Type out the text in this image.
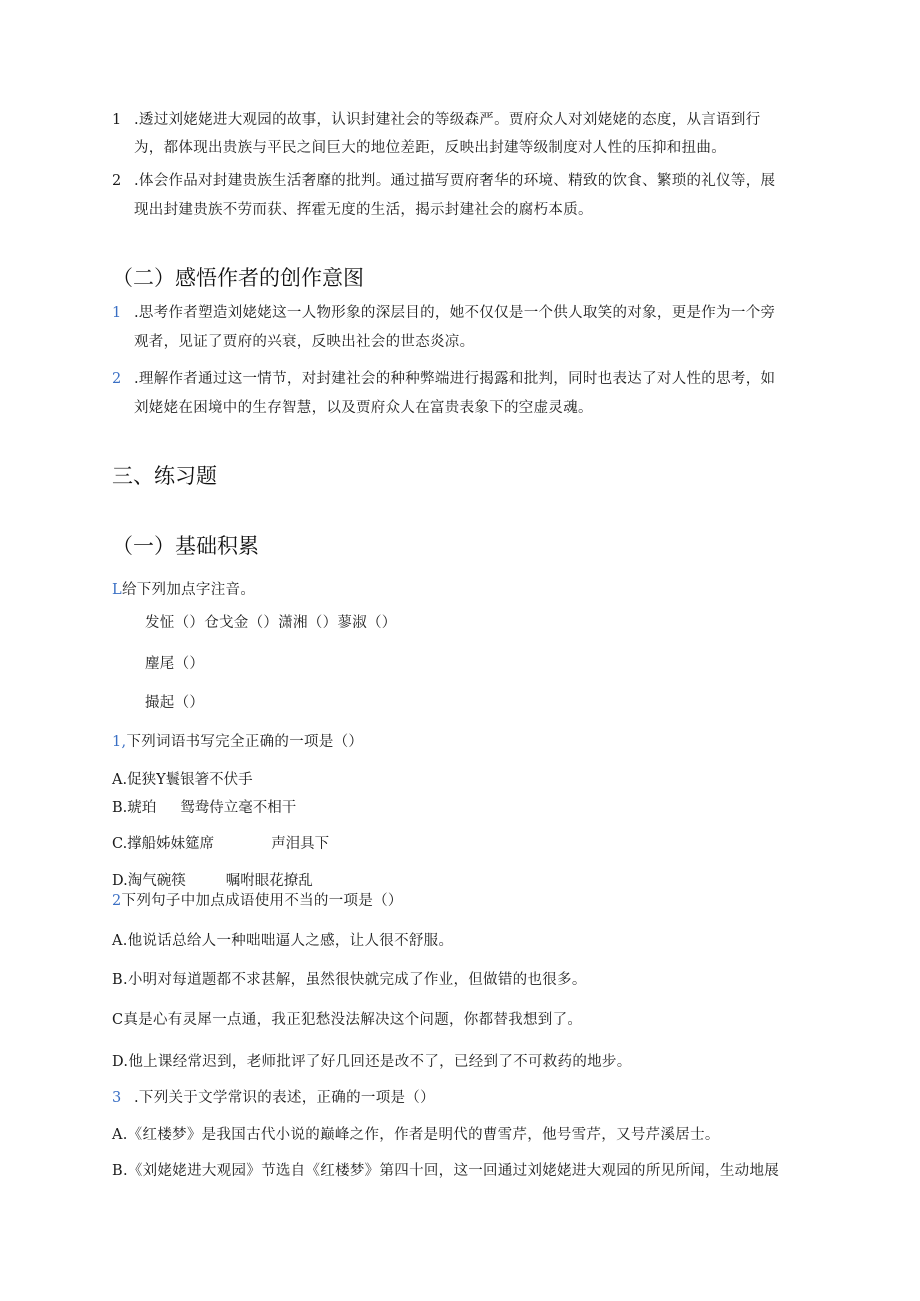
1 .透过刘姥姥进大观园的故事，认识封建社会的等级森严。贾府众人对刘姥姥的态度，从言语到行
为，都体现出贵族与平民之间巨大的地位差距，反映出封建等级制度对人性的压抑和扭曲。
2 .体会作品对封建贵族生活奢靡的批判。通过描写贾府奢华的环境、精致的饮食、繁琐的礼仪等，展
现出封建贵族不劳而获、挥霍无度的生活，揭示封建社会的腐朽本质。
（二）感悟作者的创作意图
1 .思考作者塑造刘姥姥这一人物形象的深层目的，她不仅仅是一个供人取笑的对象，更是作为一个旁
观者，见证了贾府的兴衰，反映出社会的世态炎凉。
2 .理解作者通过这一情节，对封建社会的种种弊端进行揭露和批判，同时也表达了对人性的思考，如
刘姥姥在困境中的生存智慧，以及贾府众人在富贵表象下的空虚灵魂。
三、练习题
（一）基础积累
L给下列加点字注音。
发怔（）仓戈金（）潇湘（）蓼淑（）
麈尾（）
撮起（）
1,下列词语书写完全正确的一项是（）
A.促狭Y鬟银箸不伏手
B.琥珀 鸳鸯侍立毫不相干
C.撑船姊妹筵席	声泪具下
D.淘气碗筷	嘱咐眼花撩乱
2下列句子中加点成语使用不当的一项是（）
A.他说话总给人一种咄咄逼人之感，让人很不舒服。
B.小明对每道题都不求甚解，虽然很快就完成了作业，但做错的也很多。
C真是心有灵犀一点通，我正犯愁没法解决这个问题，你都替我想到了。
D.他上课经常迟到，老师批评了好几回还是改不了，已经到了不可救药的地步。
3 .下列关于文学常识的表述，正确的一项是（）
A.《红楼梦》是我国古代小说的巅峰之作，作者是明代的曹雪芹，他号雪芹，又号芹溪居士。
B.《刘姥姥进大观园》节选自《红楼梦》第四十回，这一回通过刘姥姥进大观园的所见所闻，生动地展
